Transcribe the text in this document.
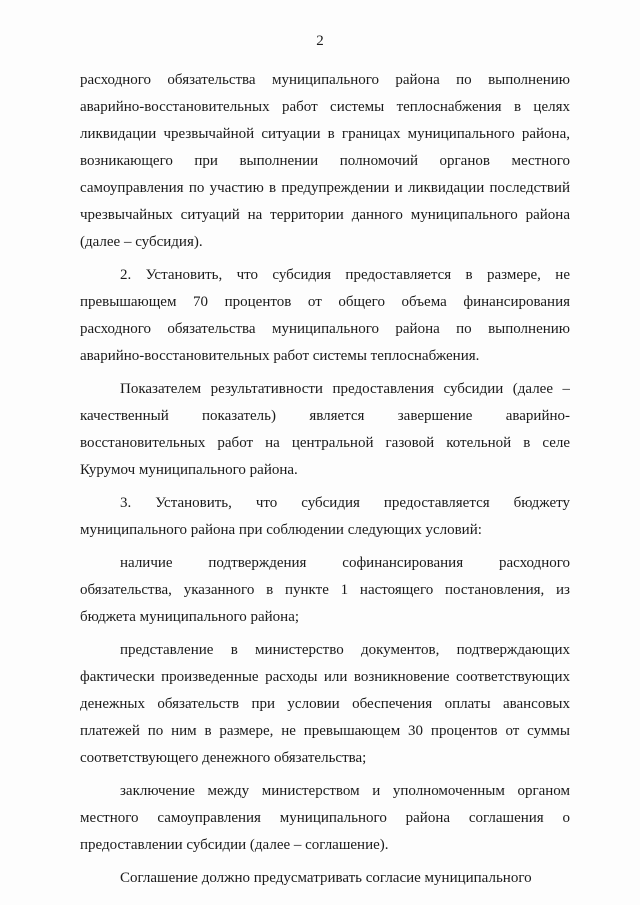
2
расходного обязательства муниципального района по выполнению
аварийно-восстановительных работ системы теплоснабжения в целях
ликвидации чрезвычайной ситуации в границах муниципального района,
возникающего при выполнении полномочий органов местного
самоуправления по участию в предупреждении и ликвидации последствий
чрезвычайных ситуаций на территории данного муниципального района
(далее – субсидия).
2. Установить, что субсидия предоставляется в размере, не
превышающем 70 процентов от общего объема финансирования
расходного обязательства муниципального района по выполнению
аварийно-восстановительных работ системы теплоснабжения.
Показателем результативности предоставления субсидии (далее –
качественный показатель) является завершение аварийно-
восстановительных работ на центральной газовой котельной в селе
Курумоч муниципального района.
3. Установить, что субсидия предоставляется бюджету
муниципального района при соблюдении следующих условий:
наличие подтверждения софинансирования расходного
обязательства, указанного в пункте 1 настоящего постановления, из
бюджета муниципального района;
представление в министерство документов, подтверждающих
фактически произведенные расходы или возникновение соответствующих
денежных обязательств при условии обеспечения оплаты авансовых
платежей по ним в размере, не превышающем 30 процентов от суммы
соответствующего денежного обязательства;
заключение между министерством и уполномоченным органом
местного самоуправления муниципального района соглашения о
предоставлении субсидии (далее – соглашение).
Соглашение должно предусматривать согласие муниципального
